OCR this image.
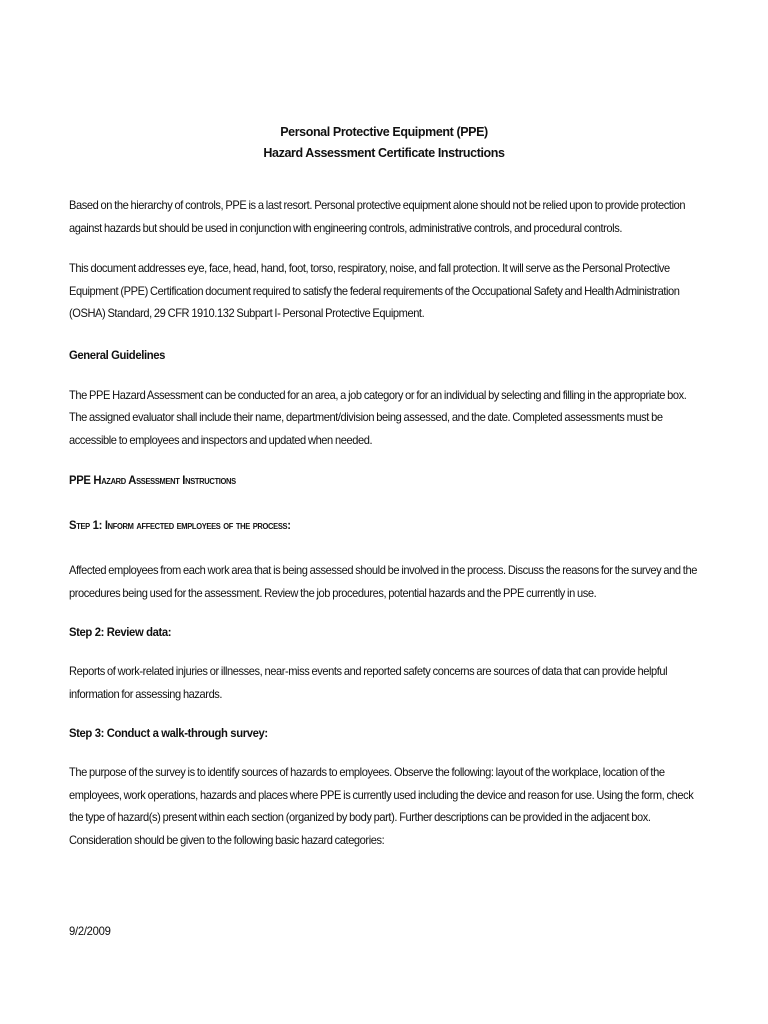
Personal Protective Equipment (PPE)

Hazard Assessment Certificate Instructions

Based on the hierarchy of controls, PPE is a last resort. Personal protective equipment alone should not be relied upon to provide protection against hazards but should be used in conjunction with engineering controls, administrative controls, and procedural controls.

This document addresses eye, face, head, hand, foot, torso, respiratory, noise, and fall protection. It will serve as the Personal Protective Equipment (PPE) Certification document required to satisfy the federal requirements of the Occupational Safety and Health Administration (OSHA) Standard, 29 CFR 1910.132 Subpart I- Personal Protective Equipment.

General Guidelines

The PPE Hazard Assessment can be conducted for an area, a job category or for an individual by selecting and filling in the appropriate box. The assigned evaluator shall include their name, department/division being assessed, and the date. Completed assessments must be accessible to employees and inspectors and updated when needed.

PPE Hazard Assessment Instructions

Step 1: Inform affected employees of the process:

Affected employees from each work area that is being assessed should be involved in the process. Discuss the reasons for the survey and the procedures being used for the assessment. Review the job procedures, potential hazards and the PPE currently in use.

Step 2: Review data:

Reports of work-related injuries or illnesses, near-miss events and reported safety concerns are sources of data that can provide helpful information for assessing hazards.

Step 3: Conduct a walk-through survey:

The purpose of the survey is to identify sources of hazards to employees. Observe the following: layout of the workplace, location of the employees, work operations, hazards and places where PPE is currently used including the device and reason for use. Using the form, check the type of hazard(s) present within each section (organized by body part). Further descriptions can be provided in the adjacent box. Consideration should be given to the following basic hazard categories:

9/2/2009
